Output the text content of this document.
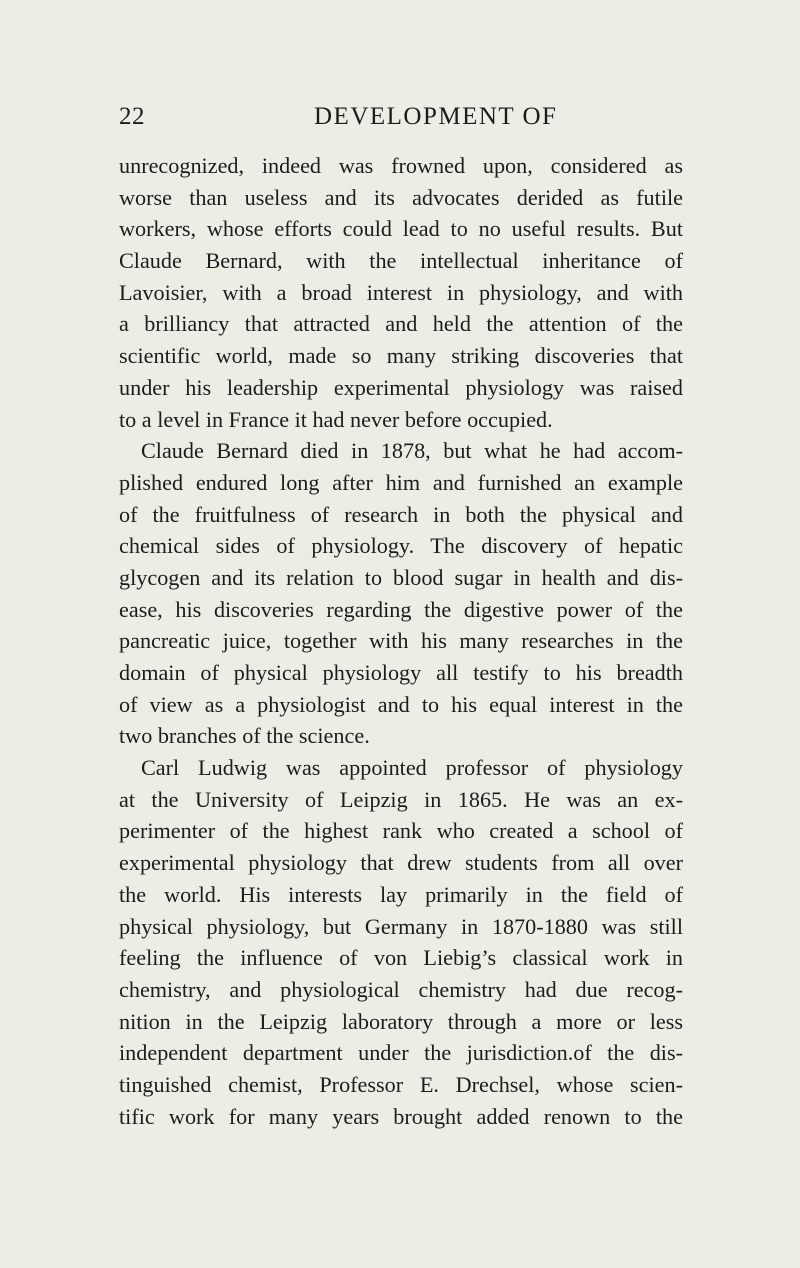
22	DEVELOPMENT OF
unrecognized, indeed was frowned upon, considered as
worse than useless and its advocates derided as futile
workers, whose efforts could lead to no useful results. But
Claude Bernard, with the intellectual inheritance of
Lavoisier, with a broad interest in physiology, and with
a brilliancy that attracted and held the attention of the
scientific world, made so many striking discoveries that
under his leadership experimental physiology was raised
to a level in France it had never before occupied.
Claude Bernard died in 1878, but what he had accom-
plished endured long after him and furnished an example
of the fruitfulness of research in both the physical and
chemical sides of physiology. The discovery of hepatic
glycogen and its relation to blood sugar in health and dis-
ease, his discoveries regarding the digestive power of the
pancreatic juice, together with his many researches in the
domain of physical physiology all testify to his breadth
of view as a physiologist and to his equal interest in the
two branches of the science.
Carl Ludwig was appointed professor of physiology
at the University of Leipzig in 1865. He was an ex-
perimenter of the highest rank who created a school of
experimental physiology that drew students from all over
the world. His interests lay primarily in the field of
physical physiology, but Germany in 1870-1880 was still
feeling the influence of von Liebig’s classical work in
chemistry, and physiological chemistry had due recog-
nition in the Leipzig laboratory through a more or less
independent department under the jurisdiction.of the dis-
tinguished chemist, Professor E. Drechsel, whose scien-
tific work for many years brought added renown to the
